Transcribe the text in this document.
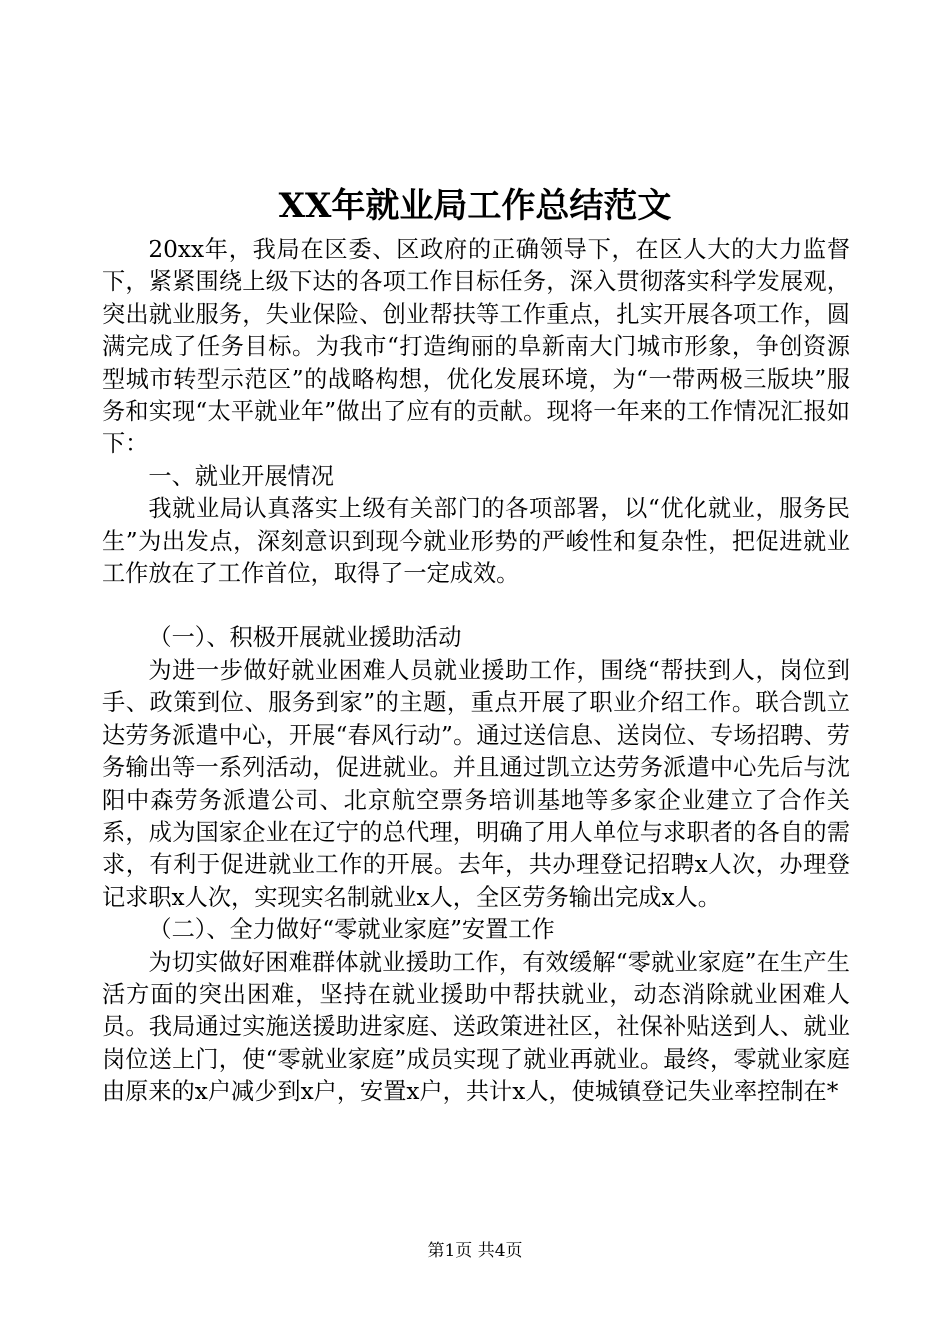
XX年就业局工作总结范文

20xx年，我局在区委、区政府的正确领导下，在区人大的大力监督下，紧紧围绕上级下达的各项工作目标任务，深入贯彻落实科学发展观，突出就业服务，失业保险、创业帮扶等工作重点，扎实开展各项工作，圆满完成了任务目标。为我市“打造绚丽的阜新南大门城市形象，争创资源型城市转型示范区”的战略构想，优化发展环境，为“一带两极三版块”服务和实现“太平就业年”做出了应有的贡献。现将一年来的工作情况汇报如下：

一、就业开展情况

我就业局认真落实上级有关部门的各项部署，以“优化就业，服务民生”为出发点，深刻意识到现今就业形势的严峻性和复杂性，把促进就业工作放在了工作首位，取得了一定成效。

（一）、积极开展就业援助活动

为进一步做好就业困难人员就业援助工作，围绕“帮扶到人，岗位到手、政策到位、服务到家”的主题，重点开展了职业介绍工作。联合凯立达劳务派遣中心，开展“春风行动”。通过送信息、送岗位、专场招聘、劳务输出等一系列活动，促进就业。并且通过凯立达劳务派遣中心先后与沈阳中森劳务派遣公司、北京航空票务培训基地等多家企业建立了合作关系，成为国家企业在辽宁的总代理，明确了用人单位与求职者的各自的需求，有利于促进就业工作的开展。去年，共办理登记招聘x人次，办理登记求职x人次，实现实名制就业x人，全区劳务输出完成x人。

（二）、全力做好“零就业家庭”安置工作

为切实做好困难群体就业援助工作，有效缓解“零就业家庭”在生产生活方面的突出困难，坚持在就业援助中帮扶就业，动态消除就业困难人员。我局通过实施送援助进家庭、送政策进社区，社保补贴送到人、就业岗位送上门，使“零就业家庭”成员实现了就业再就业。最终，零就业家庭由原来的x户减少到x户，安置x户，共计x人，使城镇登记失业率控制在*

第1页 共4页
